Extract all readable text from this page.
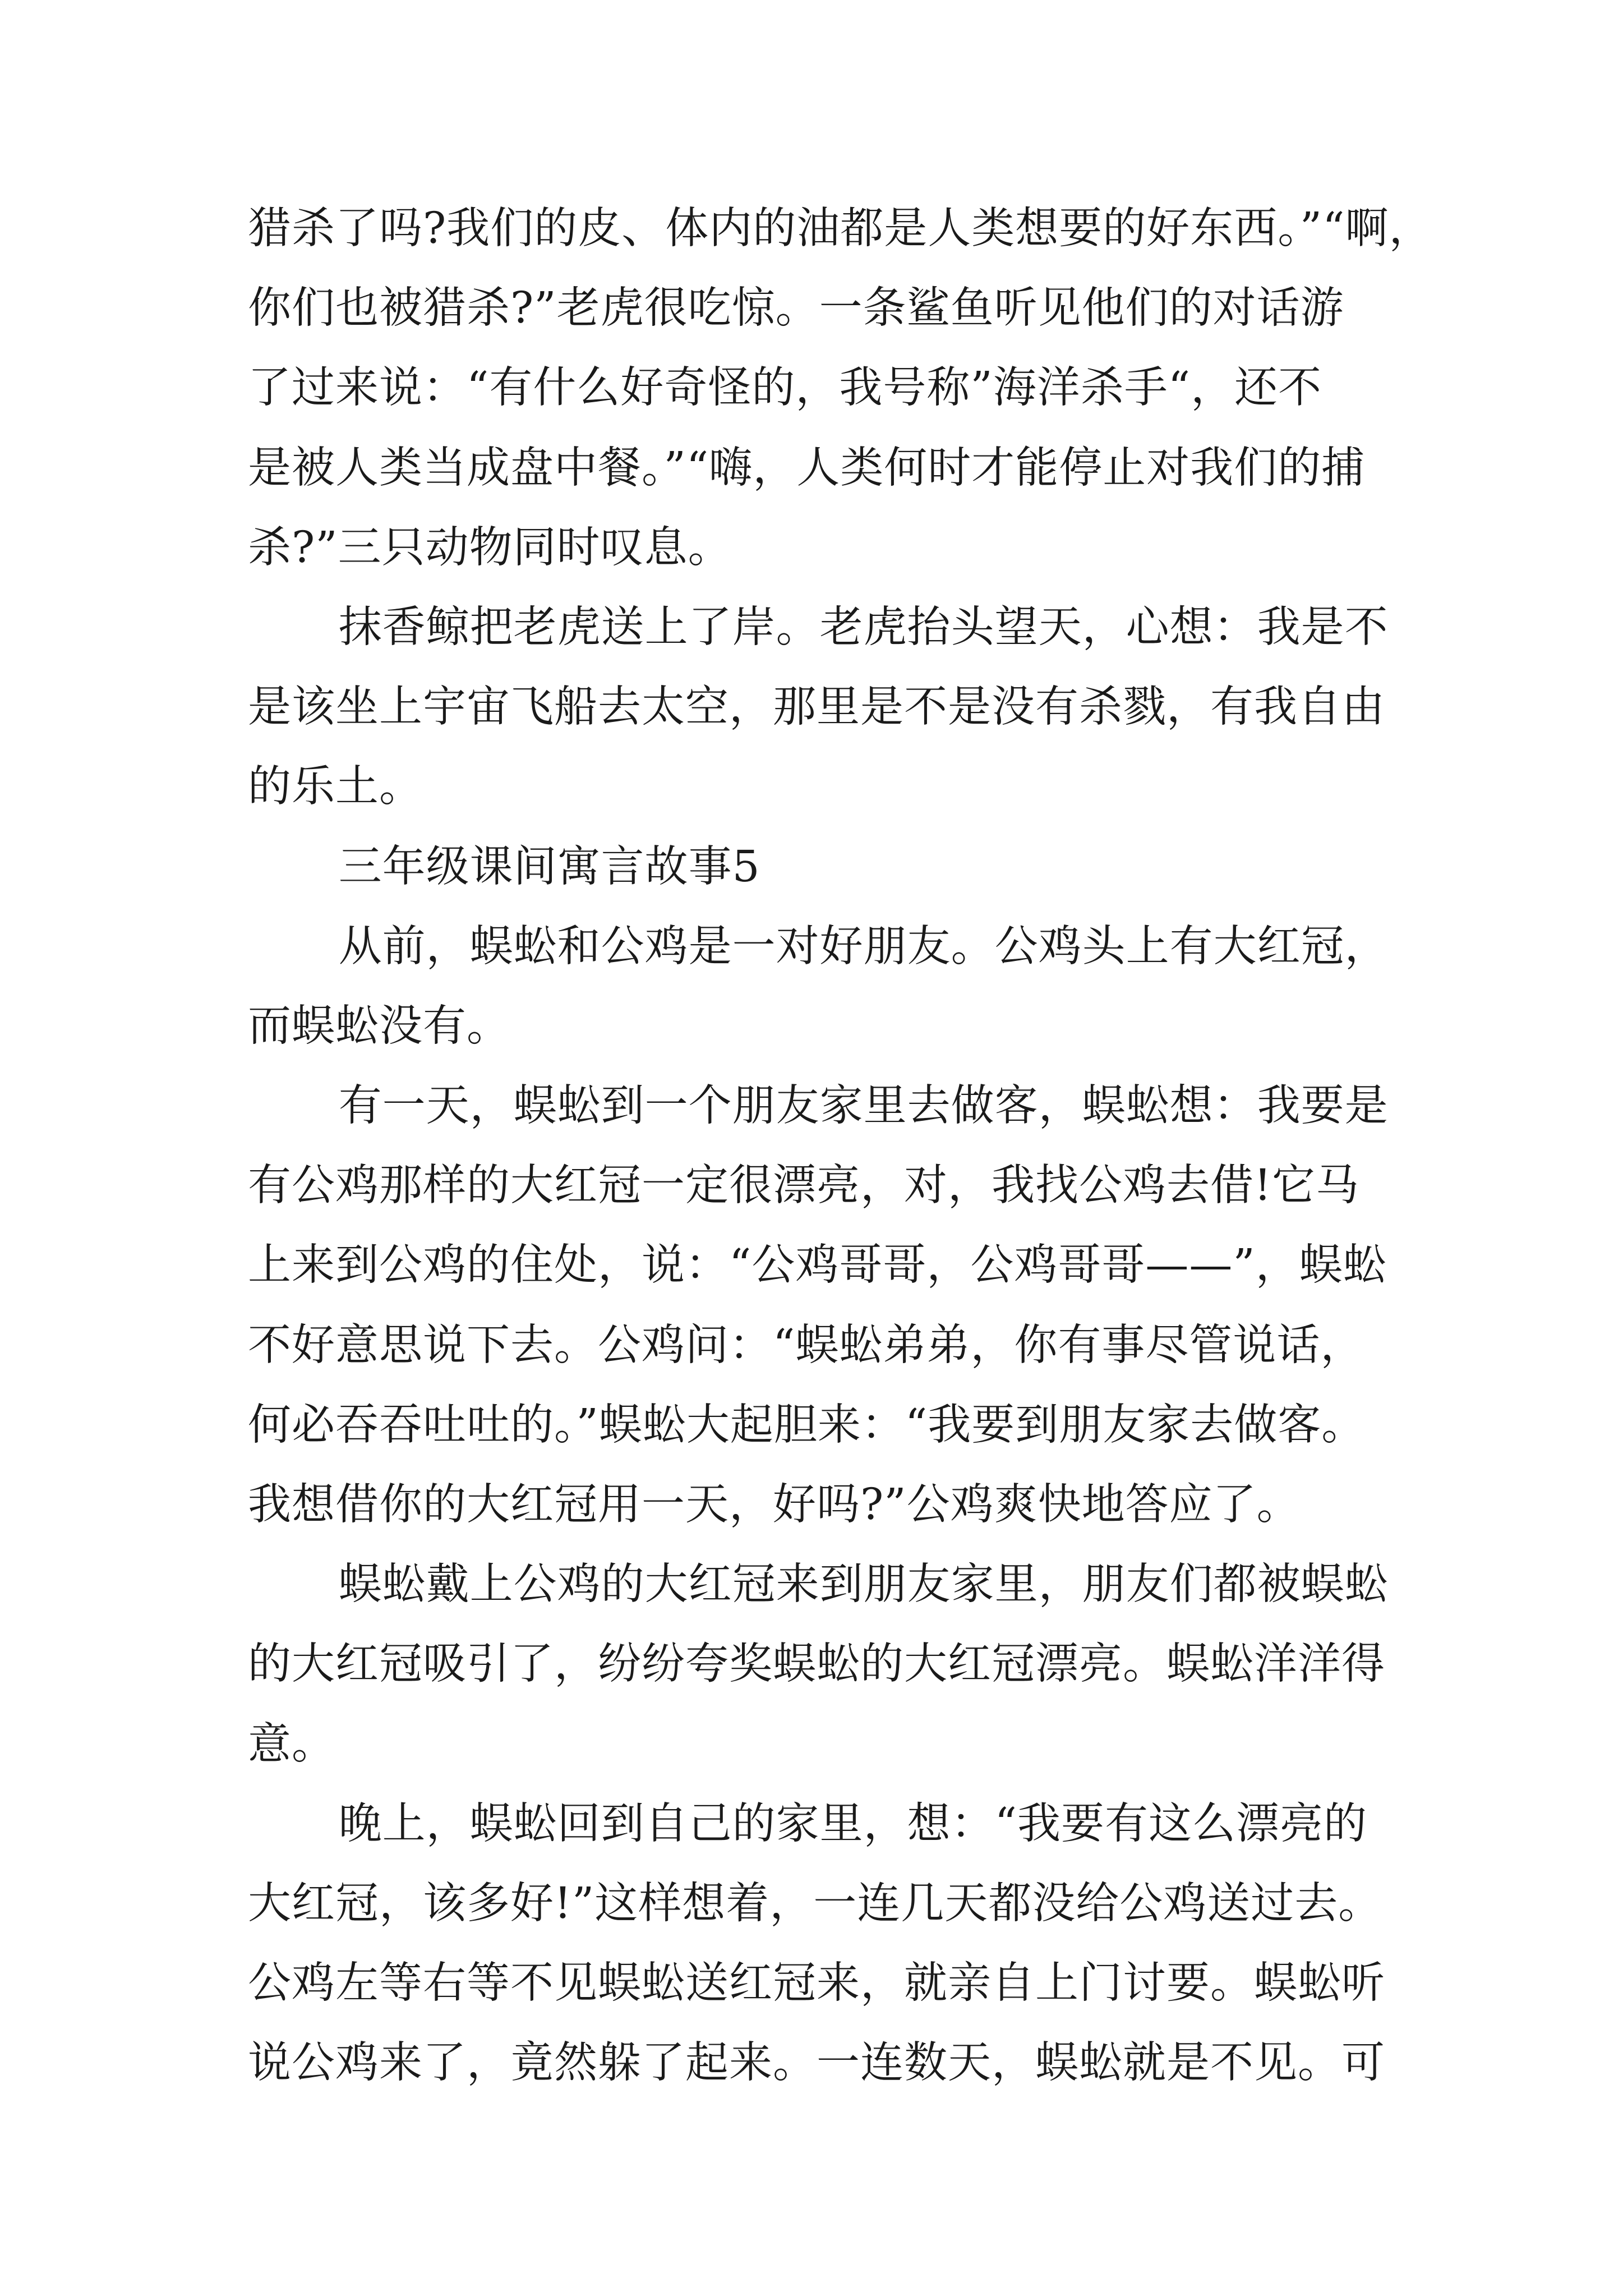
猎杀了吗?我们的皮、体内的油都是人类想要的好东西。”“啊，
你们也被猎杀?”老虎很吃惊。一条鲨鱼听见他们的对话游
了过来说：“有什么好奇怪的，我号称”海洋杀手“，还不
是被人类当成盘中餐。”“嗨，人类何时才能停止对我们的捕
杀?”三只动物同时叹息。
抹香鲸把老虎送上了岸。老虎抬头望天，心想：我是不
是该坐上宇宙飞船去太空，那里是不是没有杀戮，有我自由
的乐土。
三年级课间寓言故事5
从前，蜈蚣和公鸡是一对好朋友。公鸡头上有大红冠，
而蜈蚣没有。
有一天，蜈蚣到一个朋友家里去做客，蜈蚣想：我要是
有公鸡那样的大红冠一定很漂亮，对，我找公鸡去借!它马
上来到公鸡的住处，说：“公鸡哥哥，公鸡哥哥——”，蜈蚣
不好意思说下去。公鸡问：“蜈蚣弟弟，你有事尽管说话，
何必吞吞吐吐的。”蜈蚣大起胆来：“我要到朋友家去做客。
我想借你的大红冠用一天，好吗?”公鸡爽快地答应了。
蜈蚣戴上公鸡的大红冠来到朋友家里，朋友们都被蜈蚣
的大红冠吸引了，纷纷夸奖蜈蚣的大红冠漂亮。蜈蚣洋洋得
意。
晚上，蜈蚣回到自己的家里，想：“我要有这么漂亮的
大红冠，该多好!”这样想着，一连几天都没给公鸡送过去。
公鸡左等右等不见蜈蚣送红冠来，就亲自上门讨要。蜈蚣听
说公鸡来了，竟然躲了起来。一连数天，蜈蚣就是不见。可
